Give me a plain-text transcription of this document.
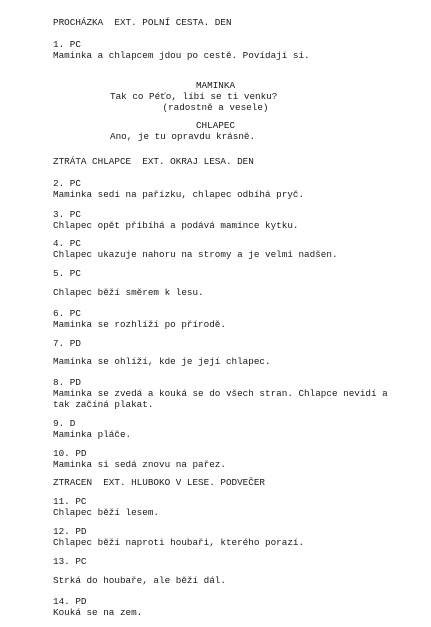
PROCHÁZKA  EXT. POLNÍ CESTA. DEN
1. PC
Maminka a chlapcem jdou po cestě. Povídají si.
MAMINKA
Tak co Péťo, líbí se ti venku?
(radostně a vesele)
CHLAPEC
Ano, je tu opravdu krásně.
ZTRÁTA CHLAPCE  EXT. OKRAJ LESA. DEN
2. PC
Maminka sedí na pařízku, chlapec odbíhá pryč.
3. PC
Chlapec opět přibíhá a podává mamince kytku.
4. PC
Chlapec ukazuje nahoru na stromy a je velmi nadšen.
5. PC
Chlapec běží směrem k lesu.
6. PC
Maminka se rozhlíží po přírodě.
7. PD
Maminka se ohlíží, kde je její chlapec.
8. PD
Maminka se zvedá a kouká se do všech stran. Chlapce nevidí a
tak začíná plakat.
9. D
Maminka pláče.
10. PD
Maminka si sedá znovu na pařez.
ZTRACEN  EXT. HLUBOKO V LESE. PODVEČER
11. PC
Chlapec běží lesem.
12. PD
Chlapec běží naproti houbaři, kterého porazí.
13. PC
Strká do houbaře, ale běží dál.
14. PD
Kouká se na zem.
